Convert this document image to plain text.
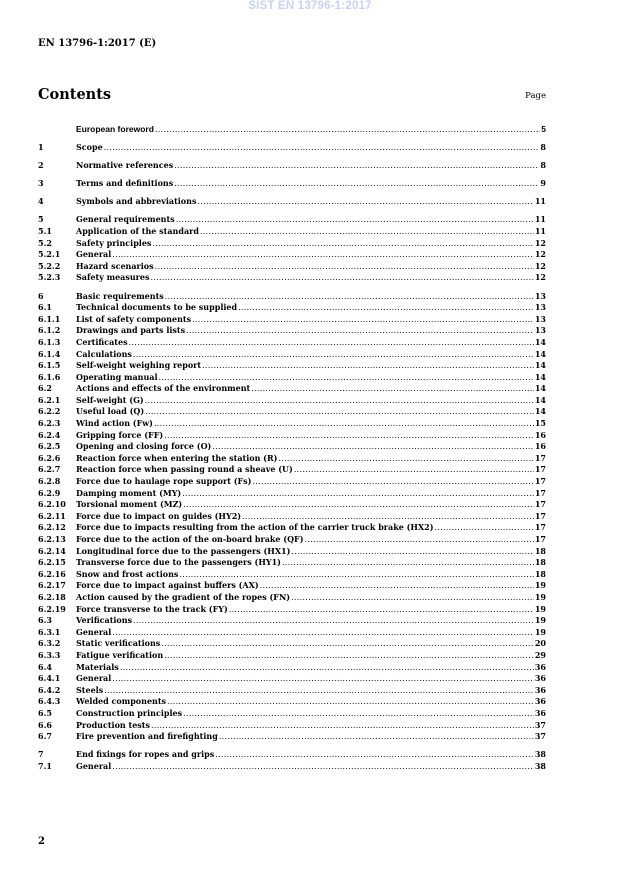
SIST EN 13796-1:2017
EN 13796-1:2017 (E)
Contents	Page
European foreword .....	5
1	Scope .....	8
2	Normative references .....	8
3	Terms and definitions .....	9
4	Symbols and abbreviations .....	11
5	General requirements .....	11
5.1	Application of the standard .....	11
5.2	Safety principles .....	12
5.2.1	General .....	12
5.2.2	Hazard scenarios .....	12
5.2.3	Safety measures .....	12
6	Basic requirements .....	13
6.1	Technical documents to be supplied .....	13
6.1.1	List of safety components .....	13
6.1.2	Drawings and parts lists .....	13
6.1.3	Certificates .....	14
6.1.4	Calculations .....	14
6.1.5	Self-weight weighing report .....	14
6.1.6	Operating manual .....	14
6.2	Actions and effects of the environment .....	14
6.2.1	Self-weight (G) .....	14
6.2.2	Useful load (Q) .....	14
6.2.3	Wind action (Fw) .....	15
6.2.4	Gripping force (FF) .....	16
6.2.5	Opening and closing force (O) .....	16
6.2.6	Reaction force when entering the station (R) .....	17
6.2.7	Reaction force when passing round a sheave (U) .....	17
6.2.8	Force due to haulage rope support (Fs) .....	17
6.2.9	Damping moment (MY) .....	17
6.2.10	Torsional moment (MZ) .....	17
6.2.11	Force due to impact on guides (HY2) .....	17
6.2.12	Force due to impacts resulting from the action of the carrier truck brake (HX2) .....	17
6.2.13	Force due to the action of the on-board brake (QF) .....	17
6.2.14	Longitudinal force due to the passengers (HX1) .....	18
6.2.15	Transverse force due to the passengers (HY1) .....	18
6.2.16	Snow and frost actions .....	18
6.2.17	Force due to impact against buffers (AX) .....	19
6.2.18	Action caused by the gradient of the ropes (FN) .....	19
6.2.19	Force transverse to the track (FY) .....	19
6.3	Verifications .....	19
6.3.1	General .....	19
6.3.2	Static verifications .....	20
6.3.3	Fatigue verification .....	29
6.4	Materials .....	36
6.4.1	General .....	36
6.4.2	Steels .....	36
6.4.3	Welded components .....	36
6.5	Construction principles .....	36
6.6	Production tests .....	37
6.7	Fire prevention and firefighting .....	37
7	End fixings for ropes and grips .....	38
7.1	General .....	38
2
